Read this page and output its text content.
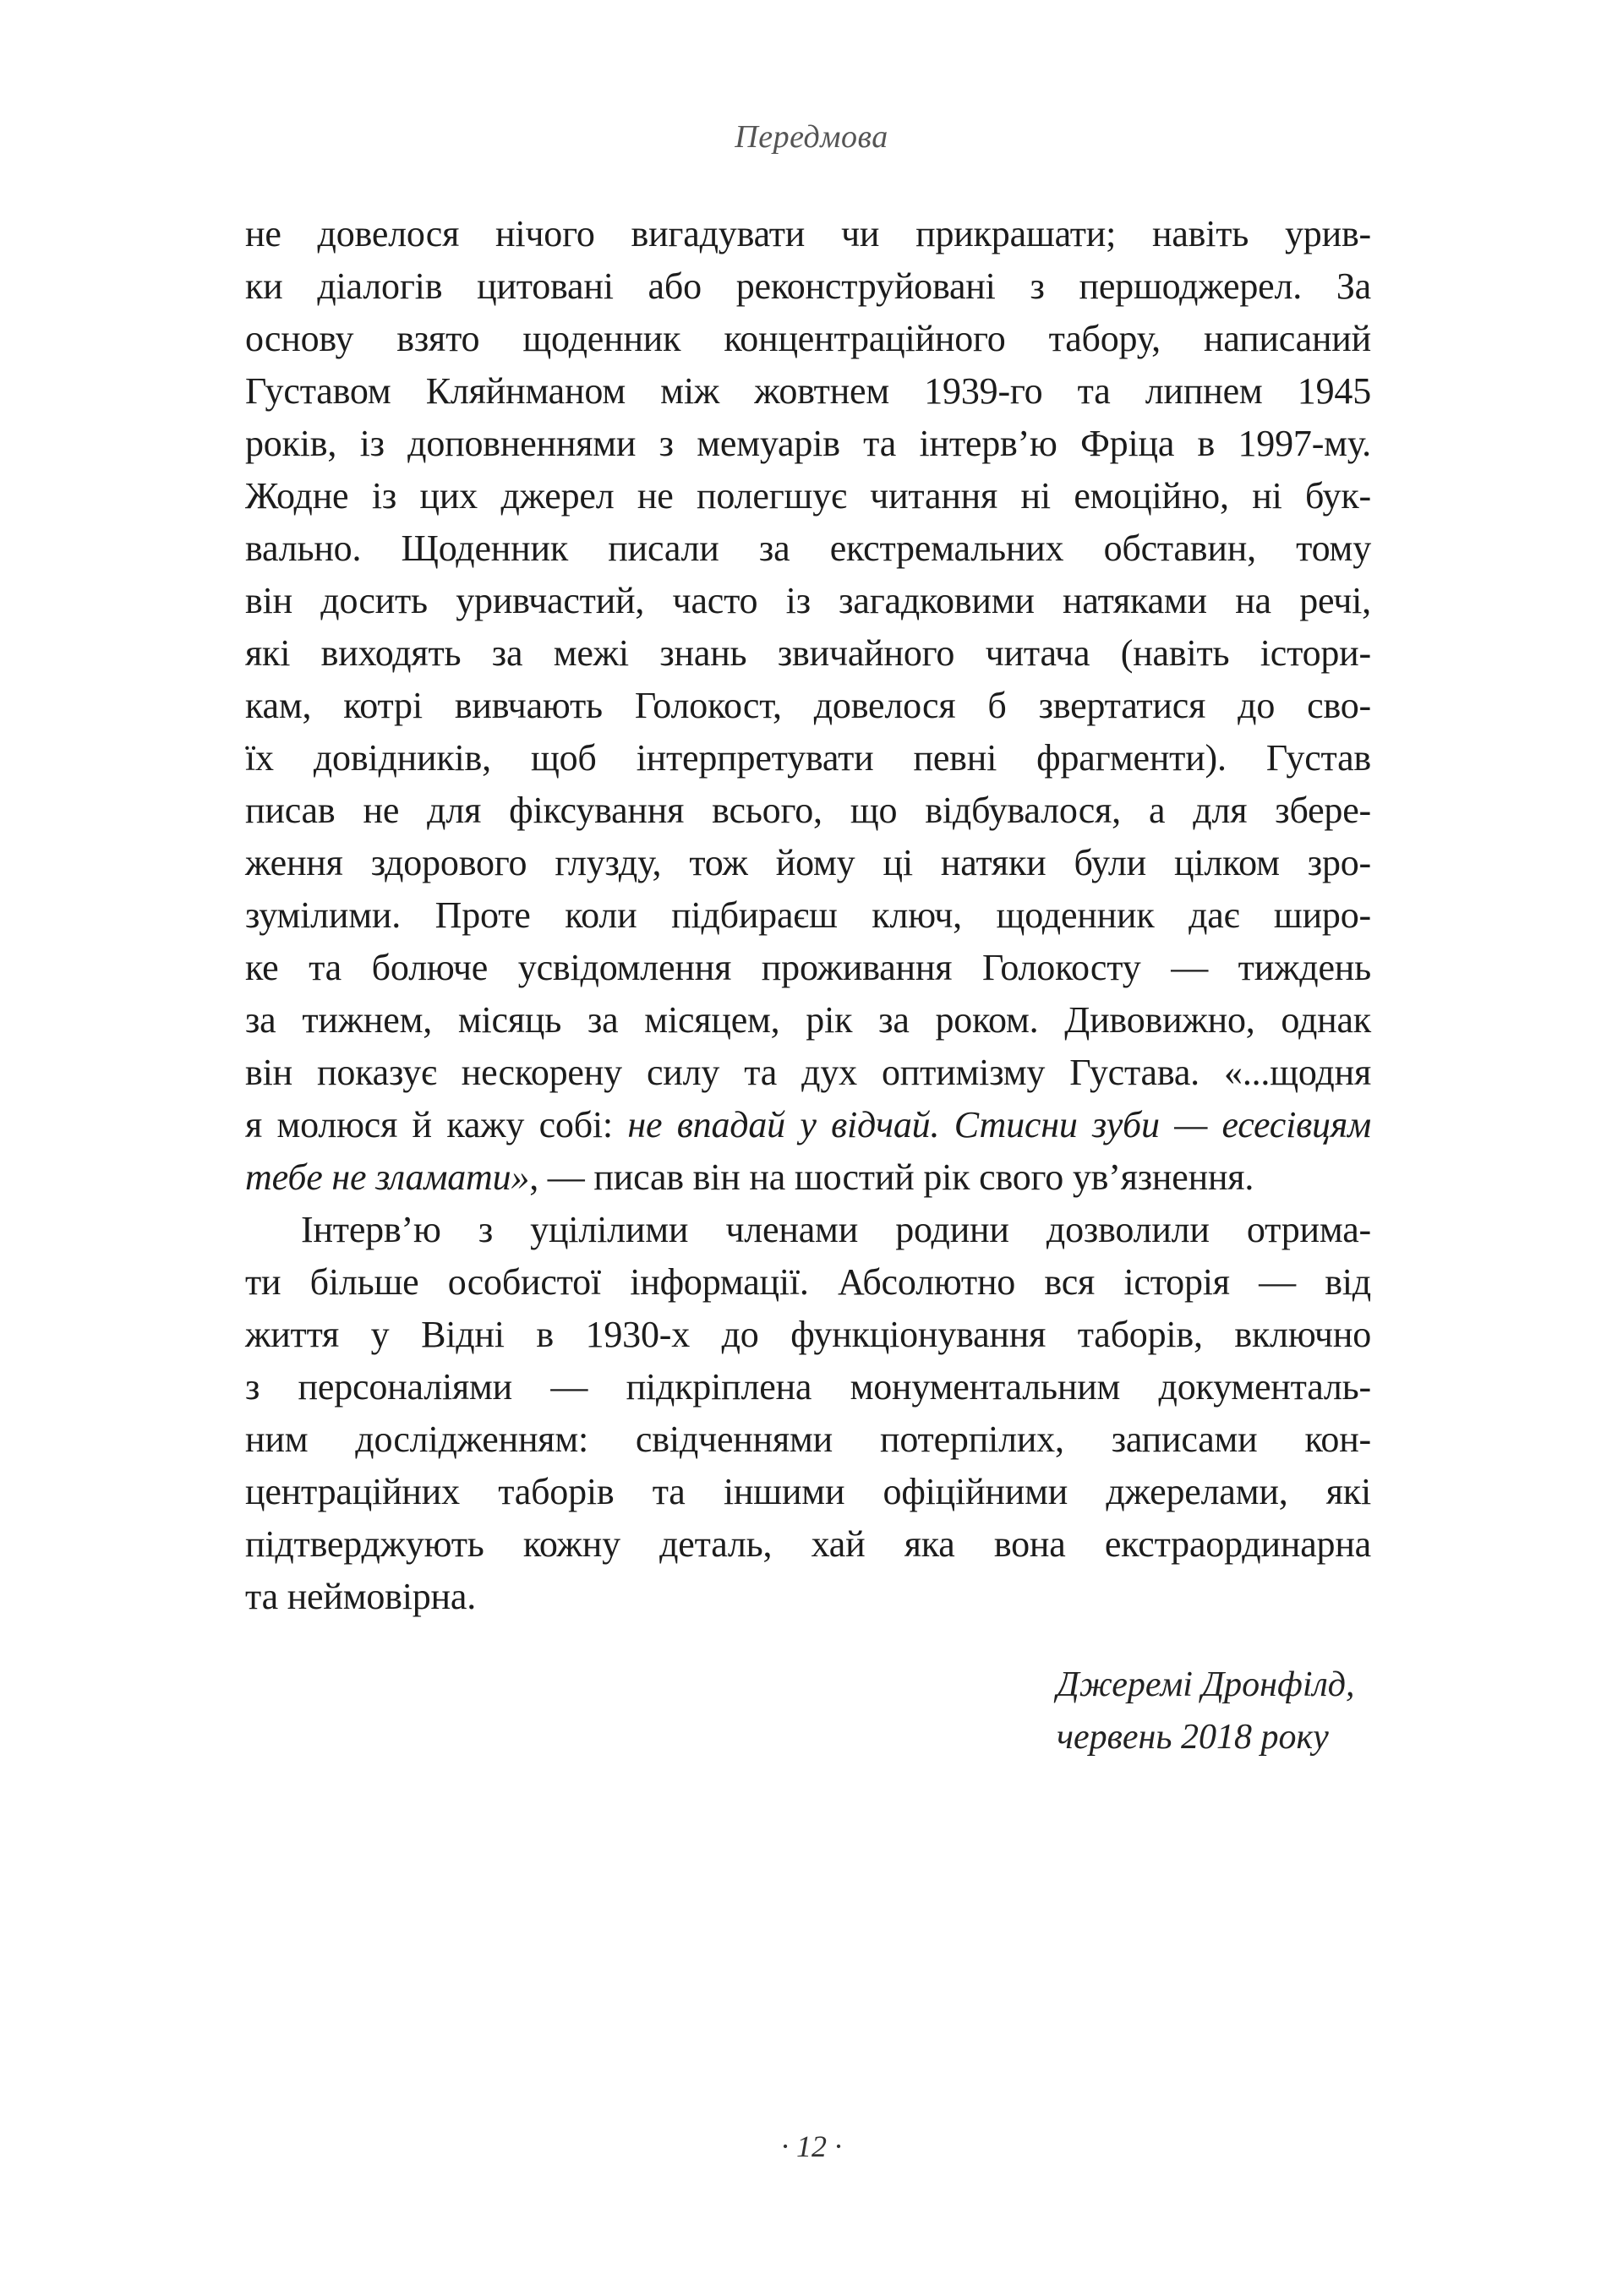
Передмова
не довелося нічого вигадувати чи прикрашати; навіть урив-
ки діалогів цитовані або реконструйовані з першоджерел. За
основу взято щоденник концентраційного табору, написаний
Густавом Кляйнманом між жовтнем 1939-го та липнем 1945
років, із доповненнями з мемуарів та інтерв’ю Фріца в 1997-му.
Жодне із цих джерел не полегшує читання ні емоційно, ні бук-
вально. Щоденник писали за екстремальних обставин, тому
він досить уривчастий, часто із загадковими натяками на речі,
які виходять за межі знань звичайного читача (навіть істори-
кам, котрі вивчають Голокост, довелося б звертатися до сво-
їх довідників, щоб інтерпретувати певні фрагменти). Густав
писав не для фіксування всього, що відбувалося, а для збере-
ження здорового глузду, тож йому ці натяки були цілком зро-
зумілими. Проте коли підбираєш ключ, щоденник дає широ-
ке та болюче усвідомлення проживання Голокосту — тиждень
за тижнем, місяць за місяцем, рік за роком. Дивовижно, однак
він показує нескорену силу та дух оптимізму Густава. «...щодня
я молюся й кажу собі: не впадай у відчай. Стисни зуби — есесівцям
тебе не зламати», — писав він на шостий рік свого ув’язнення.
Інтерв’ю з уцілілими членами родини дозволили отрима-
ти більше особистої інформації. Абсолютно вся історія — від
життя у Відні в 1930-х до функціонування таборів, включно
з персоналіями — підкріплена монументальним документаль-
ним дослідженням: свідченнями потерпілих, записами кон-
центраційних таборів та іншими офіційними джерелами, які
підтверджують кожну деталь, хай яка вона екстраординарна
та неймовірна.
Джеремі Дронфілд,
червень 2018 року
· 12 ·
